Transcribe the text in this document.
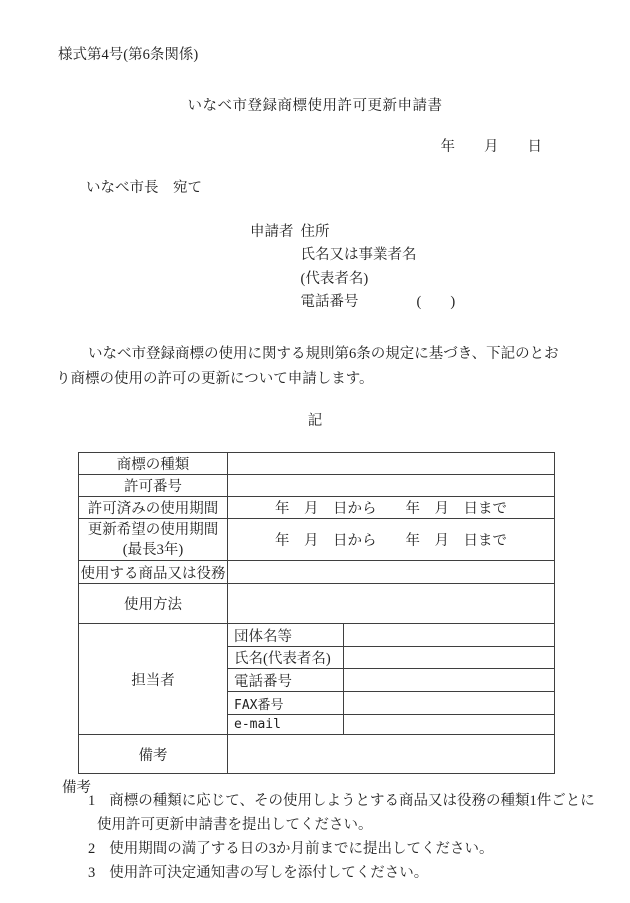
様式第4号(第6条関係)
いなべ市登録商標使用許可更新申請書
年　　月　　日
いなべ市長　宛て
申請者 住所
氏名又は事業者名
(代表者名)
電話番号　　　　(　　)
いなべ市登録商標の使用に関する規則第6条の規定に基づき、下記のとおり商標の使用の許可の更新について申請します。
記
商標の種類		
許可番号		
許可済みの使用期間	年　月　日から　　年　月　日まで	

更新希望の使用期間
(最長3年)	年　月　日から　　年　月　日まで	
使用する商品又は役務		
使用方法		
担当者	団体名等	
	氏名(代表者名)	
	電話番号	
	FAX番号	
	e-mail	
備考		
備考
1 商標の種類に応じて、その使用しようとする商品又は役務の種類1件ごとに使用許可更新申請書を提出してください。
2 使用期間の満了する日の3か月前までに提出してください。
3 使用許可決定通知書の写しを添付してください。
